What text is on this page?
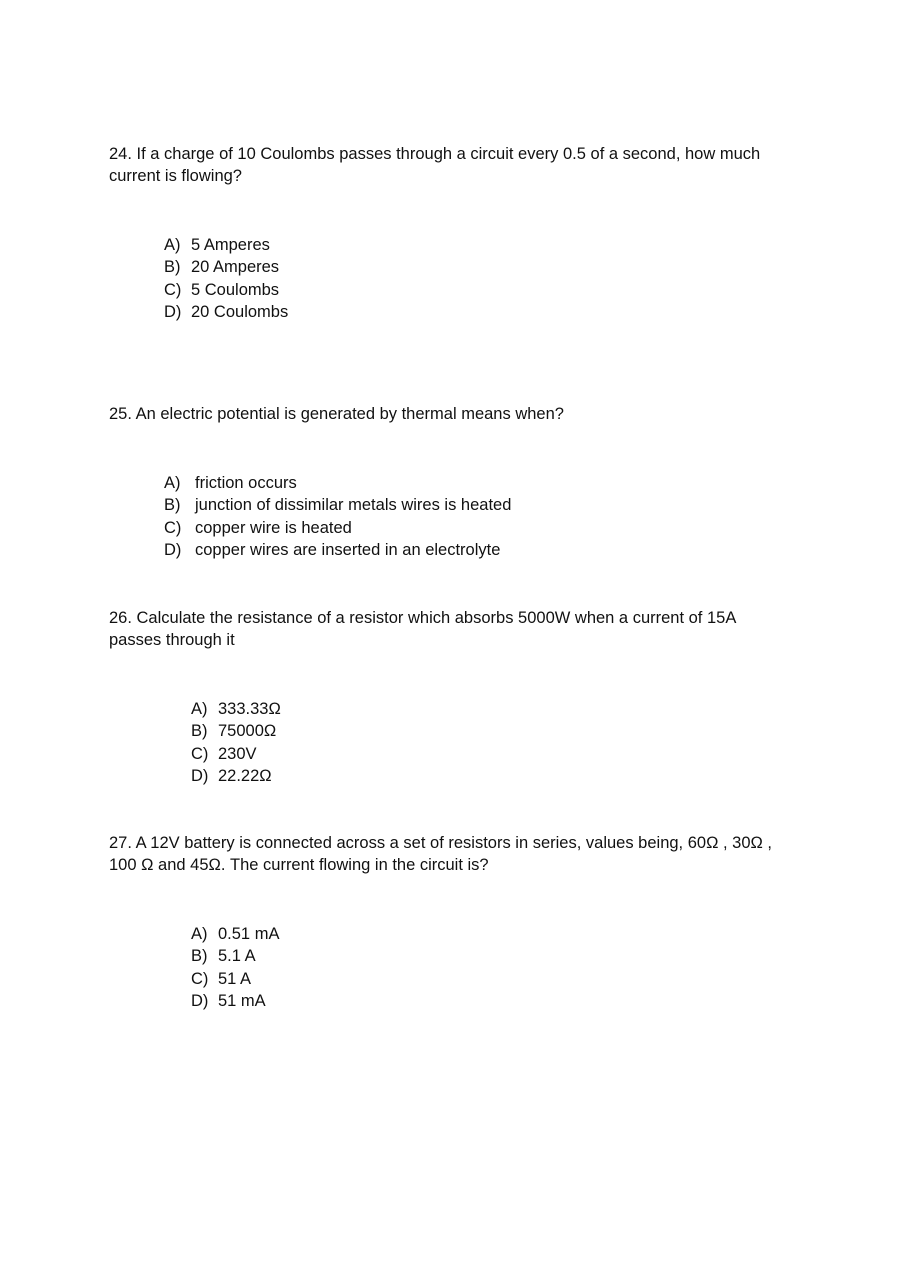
24. If a charge of 10 Coulombs passes through a circuit every 0.5 of a second, how much current is flowing?

A) 5 Amperes
B) 20 Amperes
C) 5 Coulombs
D) 20 Coulombs

25. An electric potential is generated by thermal means when?

A) friction occurs
B) junction of dissimilar metals wires is heated
C) copper wire is heated
D) copper wires are inserted in an electrolyte

26. Calculate the resistance of a resistor which absorbs 5000W when a current of 15A passes through it

A) 333.33Ω
B) 75000Ω
C) 230V
D) 22.22Ω

27. A 12V battery is connected across a set of resistors in series, values being, 60Ω , 30Ω , 100 Ω and 45Ω. The current flowing in the circuit is?

A) 0.51 mA
B) 5.1 A
C) 51 A
D) 51 mA
